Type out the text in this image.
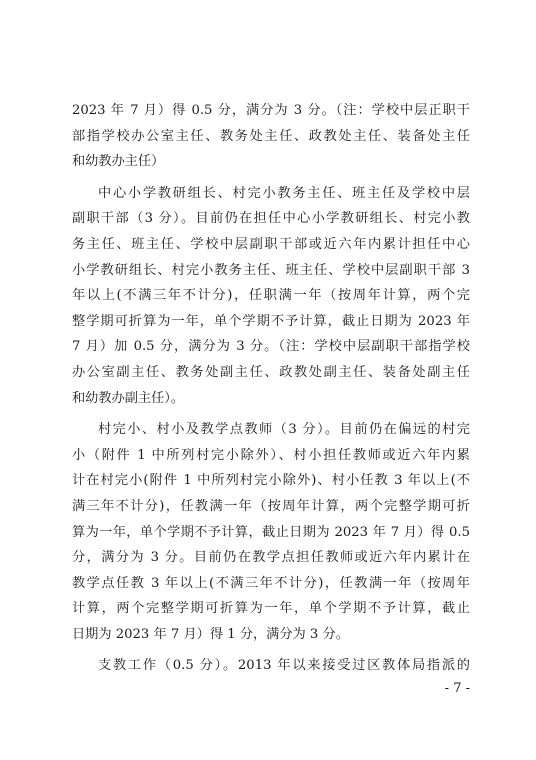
2023 年 7 月）得 0.5 分，满分为 3 分。（注：学校中层正职干
部指学校办公室主任、教务处主任、政教处主任、装备处主任
和幼教办主任）
中心小学教研组长、村完小教务主任、班主任及学校中层
副职干部（3 分）。目前仍在担任中心小学教研组长、村完小教
务主任、班主任、学校中层副职干部或近六年内累计担任中心
小学教研组长、村完小教务主任、班主任、学校中层副职干部 3
年以上(不满三年不计分)，任职满一年（按周年计算，两个完
整学期可折算为一年，单个学期不予计算，截止日期为 2023 年
7 月）加 0.5 分，满分为 3 分。（注：学校中层副职干部指学校
办公室副主任、教务处副主任、政教处副主任、装备处副主任
和幼教办副主任）。
村完小、村小及教学点教师（3 分）。目前仍在偏远的村完
小（附件 1 中所列村完小除外）、村小担任教师或近六年内累
计在村完小(附件 1 中所列村完小除外)、村小任教 3 年以上(不
满三年不计分)，任教满一年（按周年计算，两个完整学期可折
算为一年，单个学期不予计算，截止日期为 2023 年 7 月）得 0.5
分，满分为 3 分。目前仍在教学点担任教师或近六年内累计在
教学点任教 3 年以上(不满三年不计分)，任教满一年（按周年
计算，两个完整学期可折算为一年，单个学期不予计算，截止
日期为 2023 年 7 月）得 1 分，满分为 3 分。
支教工作（0.5 分）。2013 年以来接受过区教体局指派的
- 7 -
